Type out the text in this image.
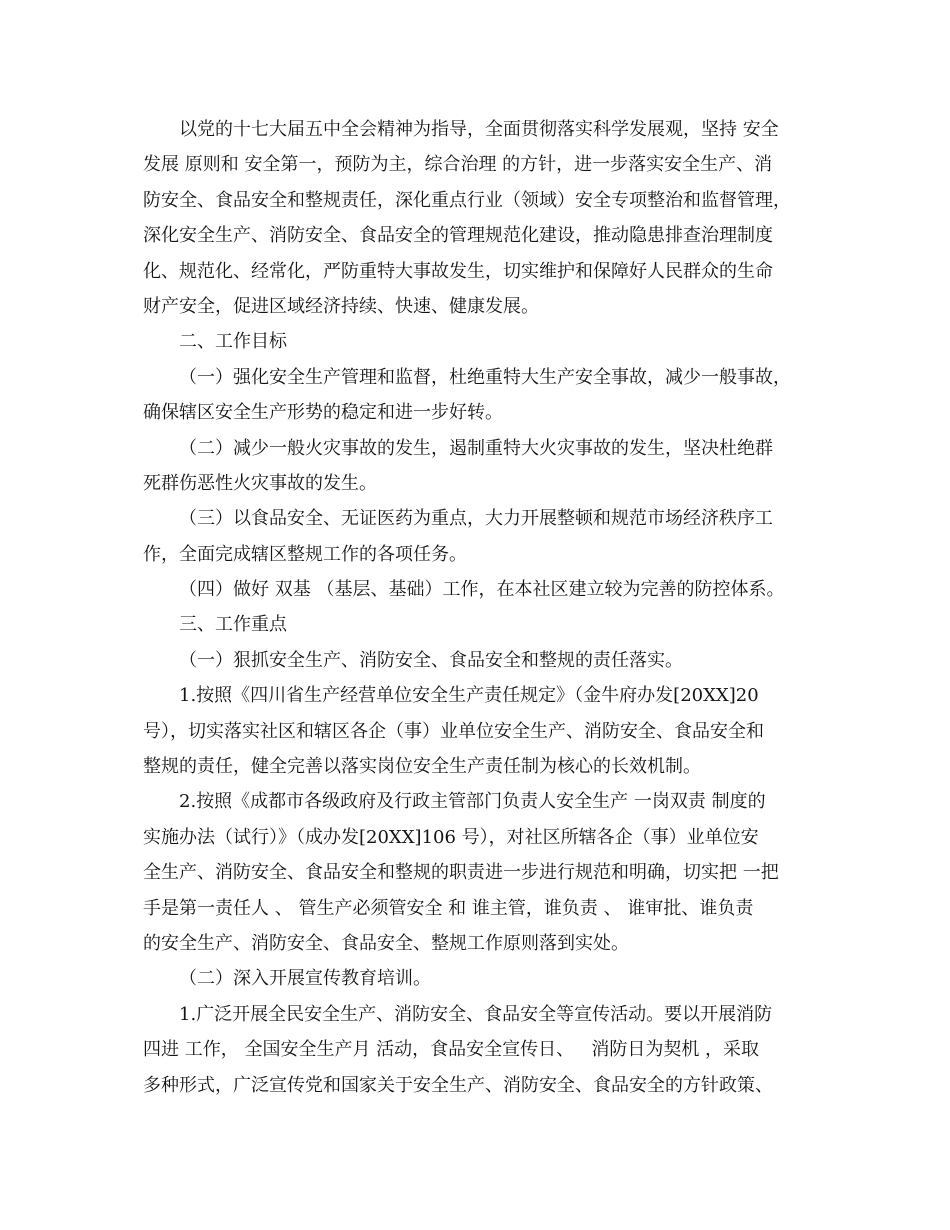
以党的十七大届五中全会精神为指导，全面贯彻落实科学发展观，坚持 安全
发展 原则和 安全第一，预防为主，综合治理 的方针，进一步落实安全生产、消
防安全、食品安全和整规责任，深化重点行业（领域）安全专项整治和监督管理，
深化安全生产、消防安全、食品安全的管理规范化建设，推动隐患排查治理制度
化、规范化、经常化，严防重特大事故发生，切实维护和保障好人民群众的生命
财产安全，促进区域经济持续、快速、健康发展。
二、工作目标
（一）强化安全生产管理和监督，杜绝重特大生产安全事故，减少一般事故，
确保辖区安全生产形势的稳定和进一步好转。
（二）减少一般火灾事故的发生，遏制重特大火灾事故的发生，坚决杜绝群
死群伤恶性火灾事故的发生。
（三）以食品安全、无证医药为重点，大力开展整顿和规范市场经济秩序工
作，全面完成辖区整规工作的各项任务。
（四）做好 双基 （基层、基础）工作，在本社区建立较为完善的防控体系。
三、工作重点
（一）狠抓安全生产、消防安全、食品安全和整规的责任落实。
1.按照《四川省生产经营单位安全生产责任规定》（金牛府办发[20XX]20
号），切实落实社区和辖区各企（事）业单位安全生产、消防安全、食品安全和
整规的责任，健全完善以落实岗位安全生产责任制为核心的长效机制。
2.按照《成都市各级政府及行政主管部门负责人安全生产 一岗双责 制度的
实施办法（试行）》（成办发[20XX]106 号），对社区所辖各企（事）业单位安
全生产、消防安全、食品安全和整规的职责进一步进行规范和明确，切实把 一把
手是第一责任人 、 管生产必须管安全 和 谁主管，谁负责 、 谁审批、谁负责
的安全生产、消防安全、食品安全、整规工作原则落到实处。
（二）深入开展宣传教育培训。
1.广泛开展全民安全生产、消防安全、食品安全等宣传活动。要以开展消防
四进 工作， 全国安全生产月 活动，食品安全宣传日、   消防日为契机 ，采取
多种形式，广泛宣传党和国家关于安全生产、消防安全、食品安全的方针政策、
